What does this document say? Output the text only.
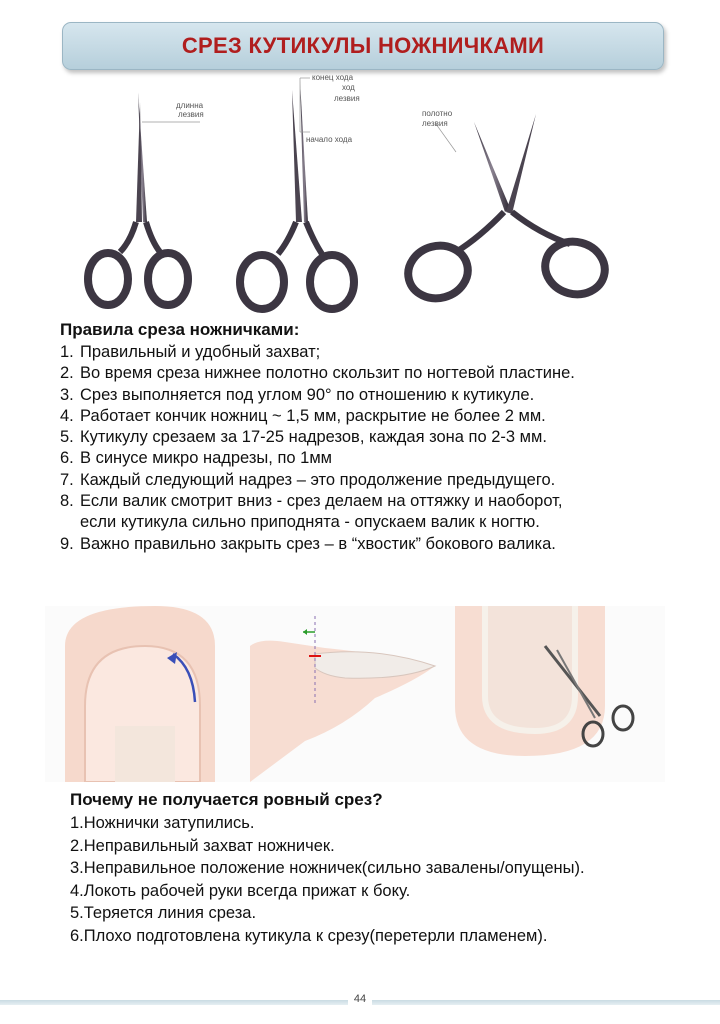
СРЕЗ КУТИКУЛЫ НОЖНИЧКАМИ
длинна
лезвия
конец хода
ход
лезвия
начало хода
полотно
лезвия
Правила среза ножничками:
1. Правильный и удобный захват;
2. Во время среза нижнее полотно скользит по ногтевой пластине.
3. Срез выполняется под углом 90° по отношению к кутикуле.
4. Работает кончик ножниц ~ 1,5 мм, раскрытие не более 2 мм.
5. Кутикулу срезаем за 17-25 надрезов, каждая зона по 2-3 мм.
6. В синусе микро надрезы, по 1мм
7. Каждый следующий надрез – это продолжение предыдущего.
8. Если валик смотрит вниз - срез делаем на оттяжку и наоборот,
если кутикула сильно приподнята - опускаем валик к ногтю.
9. Важно правильно закрыть срез – в “хвостик” бокового валика.
Почему не получается ровный срез?
1.Ножнички затупились.
2.Неправильный захват ножничек.
3.Неправильное положение ножничек(сильно завалены/опущены).
4.Локоть рабочей руки всегда прижат к боку.
5.Теряется линия среза.
6.Плохо подготовлена кутикула к срезу(перетерли пламенем).
44
